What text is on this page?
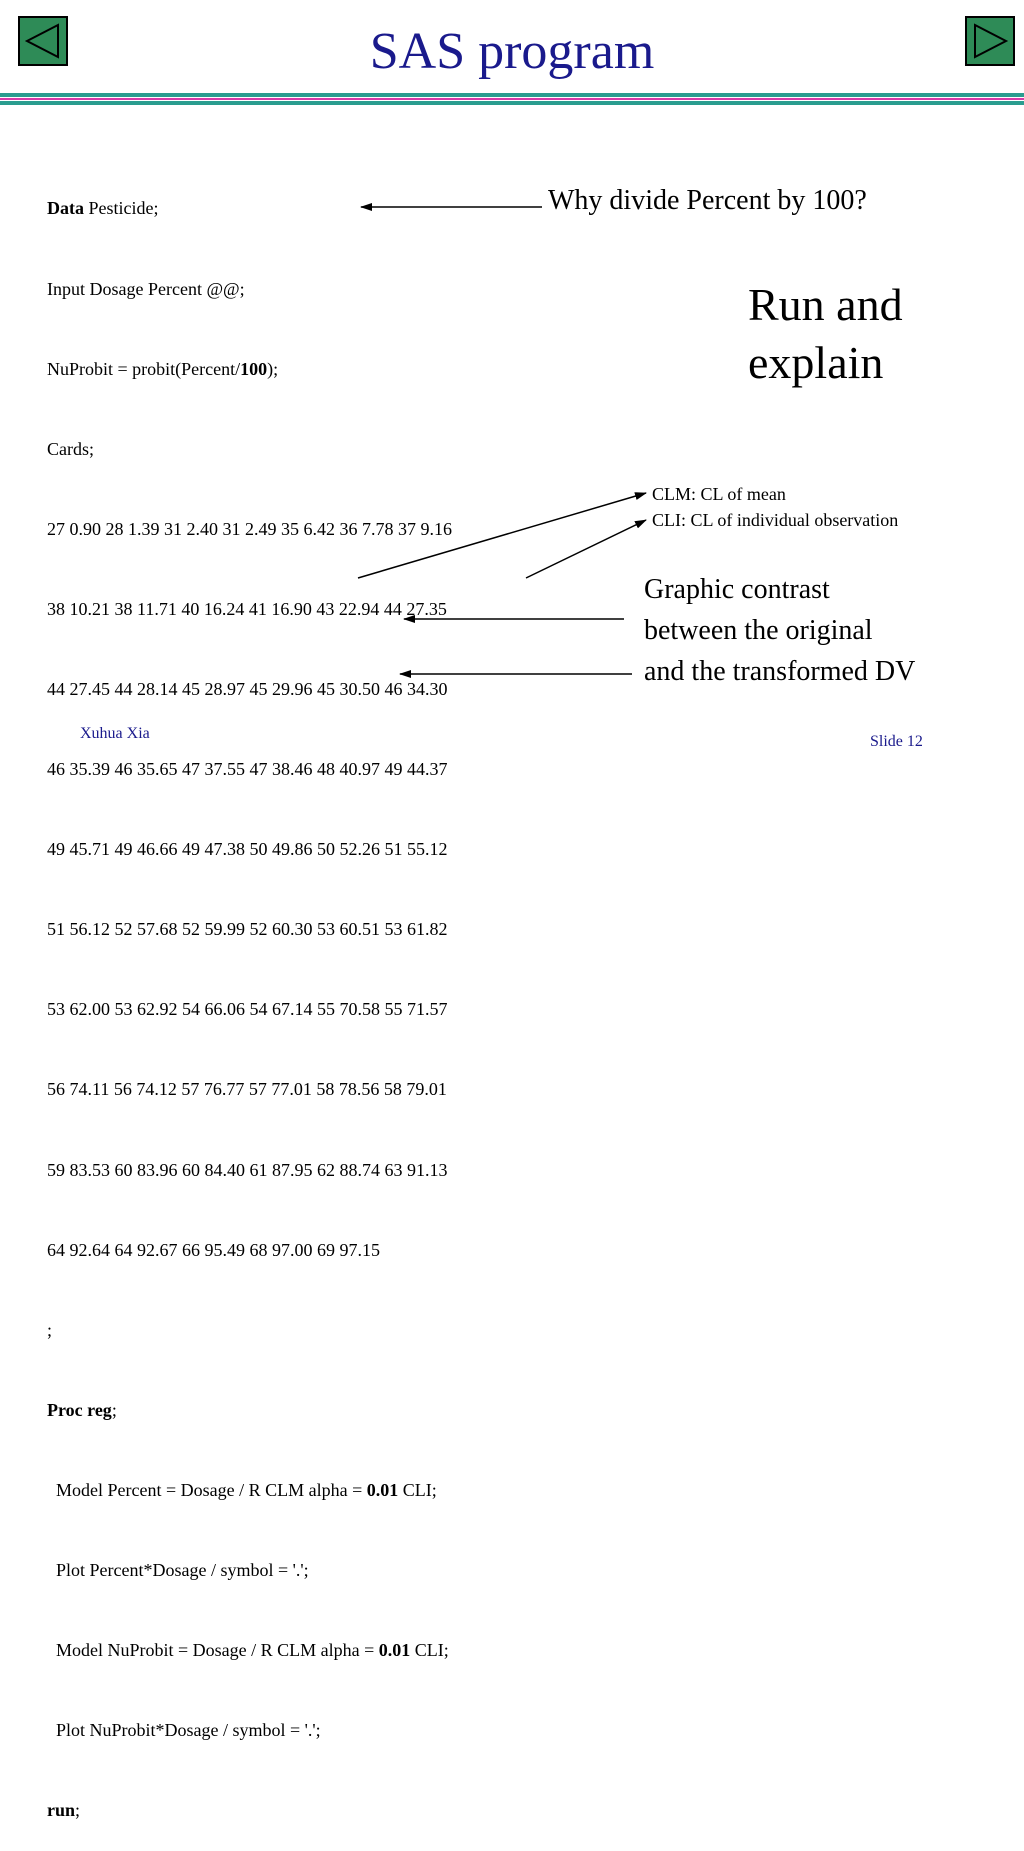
SAS program

Data Pesticide;

Input Dosage Percent @@;

NuProbit = probit(Percent/100);

Cards;

27 0.90 28 1.39 31 2.40 31 2.49 35 6.42 36 7.78 37 9.16

38 10.21 38 11.71 40 16.24 41 16.90 43 22.94 44 27.35

44 27.45 44 28.14 45 28.97 45 29.96 45 30.50 46 34.30

46 35.39 46 35.65 47 37.55 47 38.46 48 40.97 49 44.37

49 45.71 49 46.66 49 47.38 50 49.86 50 52.26 51 55.12

51 56.12 52 57.68 52 59.99 52 60.30 53 60.51 53 61.82

53 62.00 53 62.92 54 66.06 54 67.14 55 70.58 55 71.57

56 74.11 56 74.12 57 76.77 57 77.01 58 78.56 58 79.01

59 83.53 60 83.96 60 84.40 61 87.95 62 88.74 63 91.13

64 92.64 64 92.67 66 95.49 68 97.00 69 97.15

;

Proc reg;

Model Percent = Dosage / R CLM alpha = 0.01 CLI;

Plot Percent*Dosage / symbol = '.';

Model NuProbit = Dosage / R CLM alpha = 0.01 CLI;

Plot NuProbit*Dosage / symbol = '.';

run;

Why divide Percent by 100?
Run and
explain
CLM: CL of mean
CLI: CL of individual observation
Graphic contrast
between the original
and the transformed DV
Xuhua Xia	Slide 12
